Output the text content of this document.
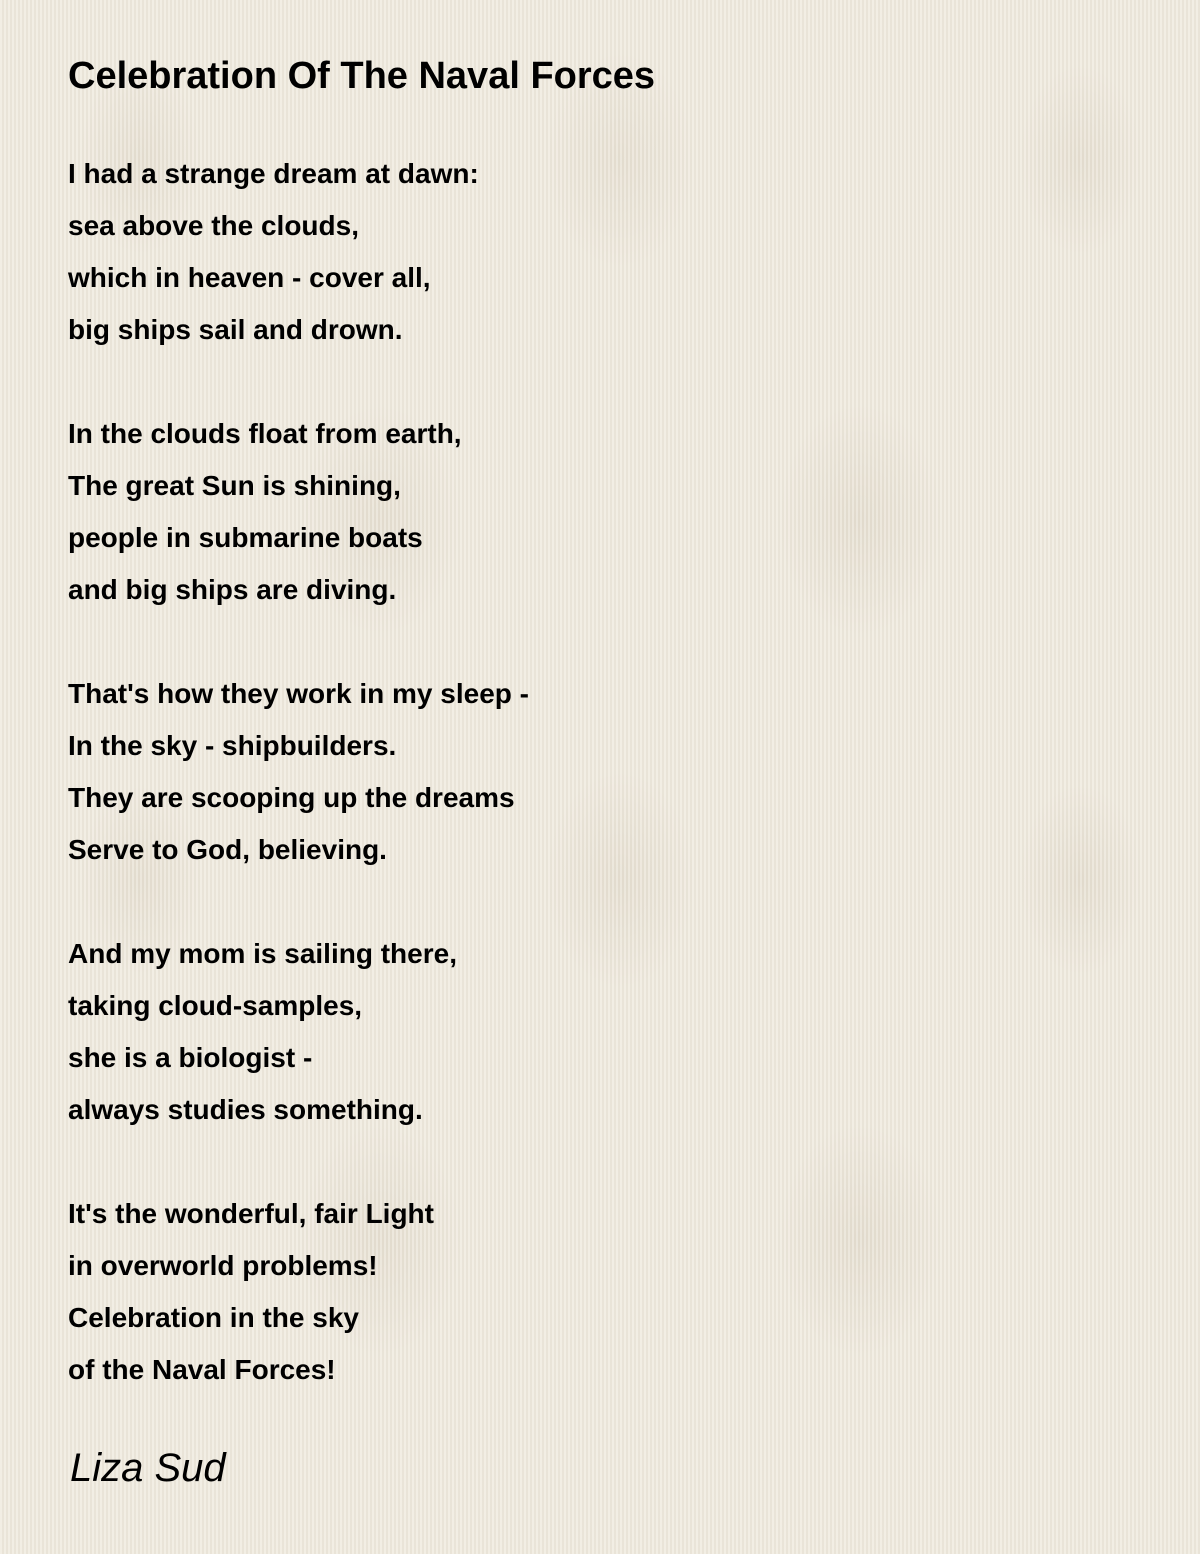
Celebration Of The Naval Forces
I had a strange dream at dawn:
sea above the clouds,
which in heaven - cover all,
big ships sail and drown.
In the clouds float from earth,
The great Sun is shining,
people in submarine boats
and big ships are diving.
That's how they work in my sleep -
In the sky - shipbuilders.
They are scooping up the dreams
Serve to God, believing.
And my mom is sailing there,
taking cloud-samples,
she is a biologist -
always studies something.
It's the wonderful, fair Light
in overworld problems!
Celebration in the sky
of the Naval Forces!
Liza Sud
